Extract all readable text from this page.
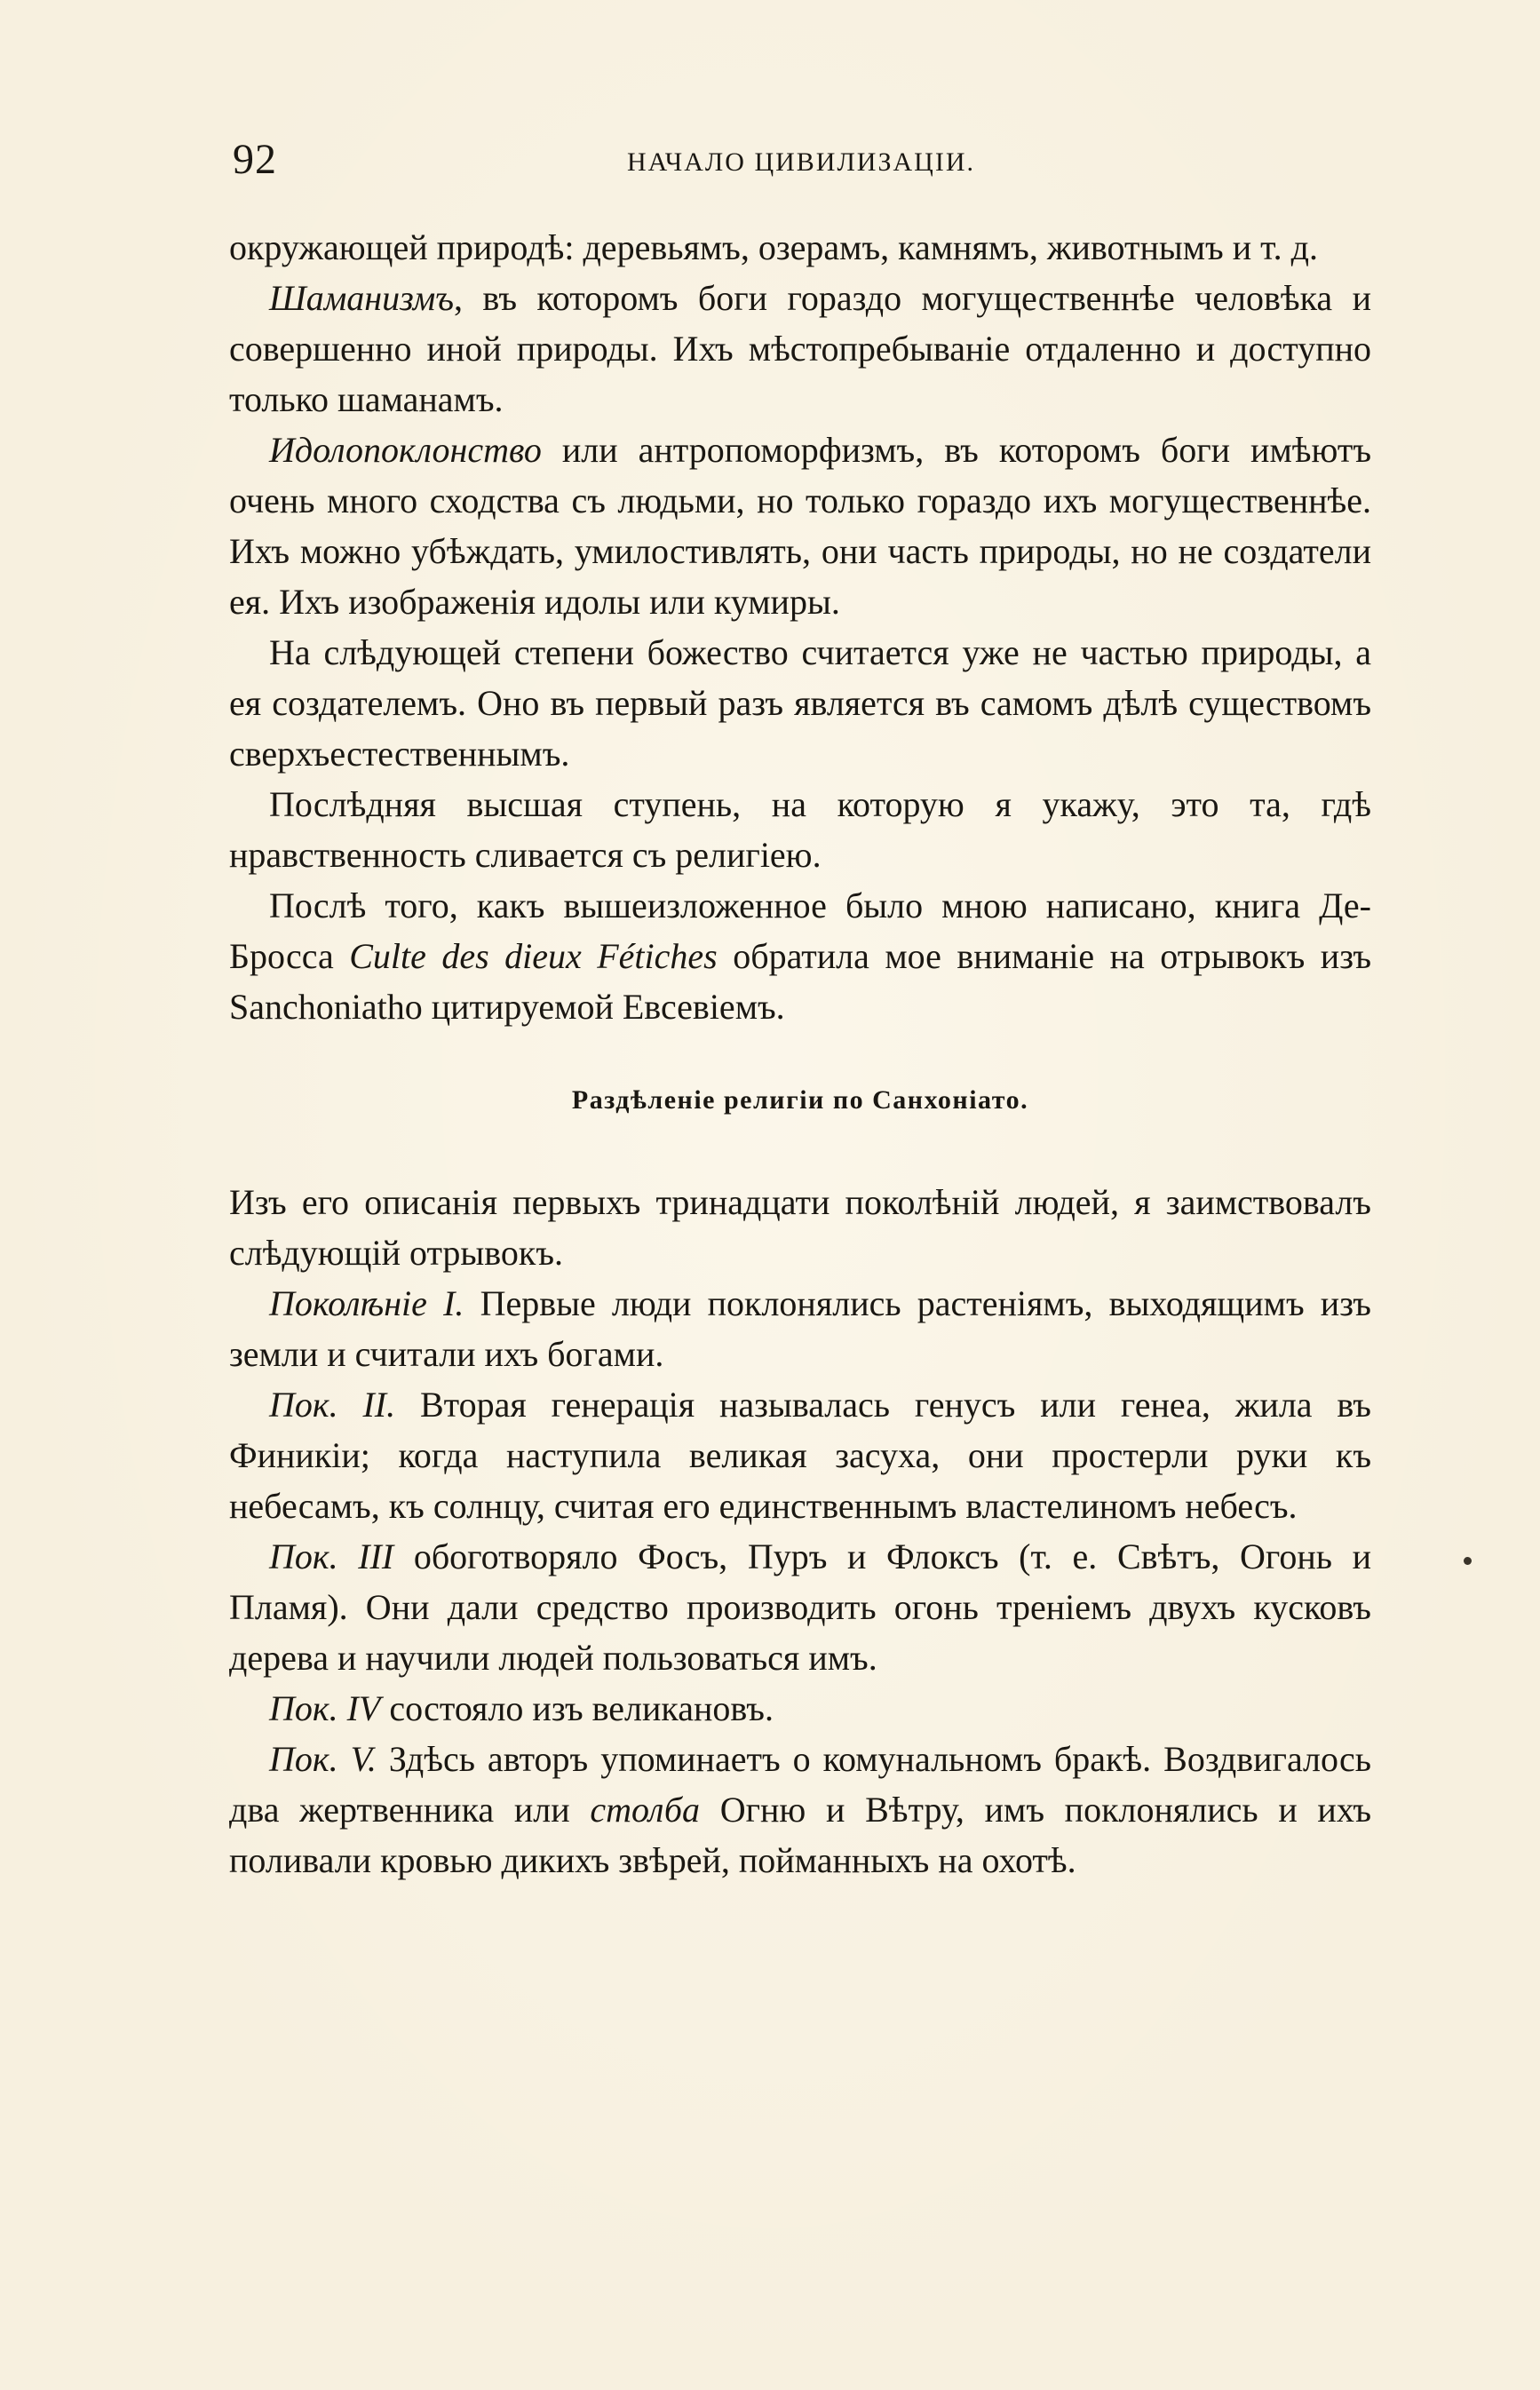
92	НАЧАЛО ЦИВИЛИЗАЦІИ.

окружающей природѣ: деревьямъ, озерамъ, камнямъ, животнымъ и т. д.

Шаманизмъ, въ которомъ боги гораздо могущественнѣе человѣка и совершенно иной природы. Ихъ мѣстопребываніе отдаленно и доступно только шаманамъ.

Идолопоклонство или антропоморфизмъ, въ которомъ боги имѣютъ очень много сходства съ людьми, но только гораздо ихъ могущественнѣе. Ихъ можно убѣждать, умилостивлять, они часть природы, но не создатели ея. Ихъ изображенія идолы или кумиры.

На слѣдующей степени божество считается уже не частью природы, а ея создателемъ. Оно въ первый разъ является въ самомъ дѣлѣ существомъ сверхъестественнымъ.

Послѣдняя высшая ступень, на которую я укажу, это та, гдѣ нравственность сливается съ религіею.

Послѣ того, какъ вышеизложенное было мною написано, книга Де-Бросса Culte des dieux Fétiches обратила мое вниманіе на отрывокъ изъ Sanchoniatho цитируемой Евсевіемъ.

Раздѣленіе религіи по Санхоніато.

Изъ его описанія первыхъ тринадцати поколѣній людей, я заимствовалъ слѣдующій отрывокъ.

Поколѣніе I. Первые люди поклонялись растеніямъ, выходящимъ изъ земли и считали ихъ богами.

Пок. II. Вторая генерація называлась генусъ или генеа, жила въ Финикіи; когда наступила великая засуха, они простерли руки къ небесамъ, къ солнцу, считая его единственнымъ властелиномъ небесъ.

Пок. III обоготворяло Фосъ, Пуръ и Флоксъ (т. е. Свѣтъ, Огонь и Пламя). Они дали средство производить огонь треніемъ двухъ кусковъ дерева и научили людей пользоваться имъ.

Пок. IV состояло изъ великановъ.

Пок. V. Здѣсь авторъ упоминаетъ о комунальномъ бракѣ. Воздвигалось два жертвенника или столба Огню и Вѣтру, имъ поклонялись и ихъ поливали кровью дикихъ звѣрей, пойманныхъ на охотѣ.
